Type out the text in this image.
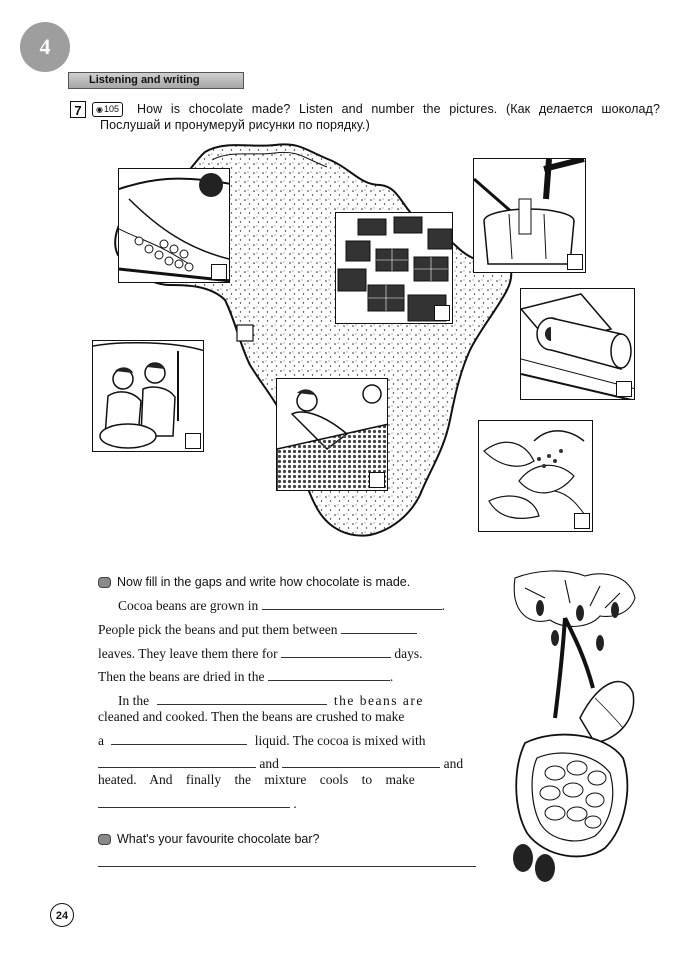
4
Listening and writing
7
◉	105	How is chocolate made? Listen and number the pictures. (Как делается шоколад? Послушай и пронумеруй рисунки по порядку.)
Now fill in the gaps and write how chocolate is made.
Cocoa beans are grown in	.
People pick the beans and put them between
leaves. They leave them there for	days.
Then the beans are dried in the	.
In the	the beans are
cleaned and cooked. Then the beans are crushed to make
a	liquid. The cocoa is mixed with
and	and
heated. And finally the mixture cools to make
.
What's your favourite chocolate bar?
24
